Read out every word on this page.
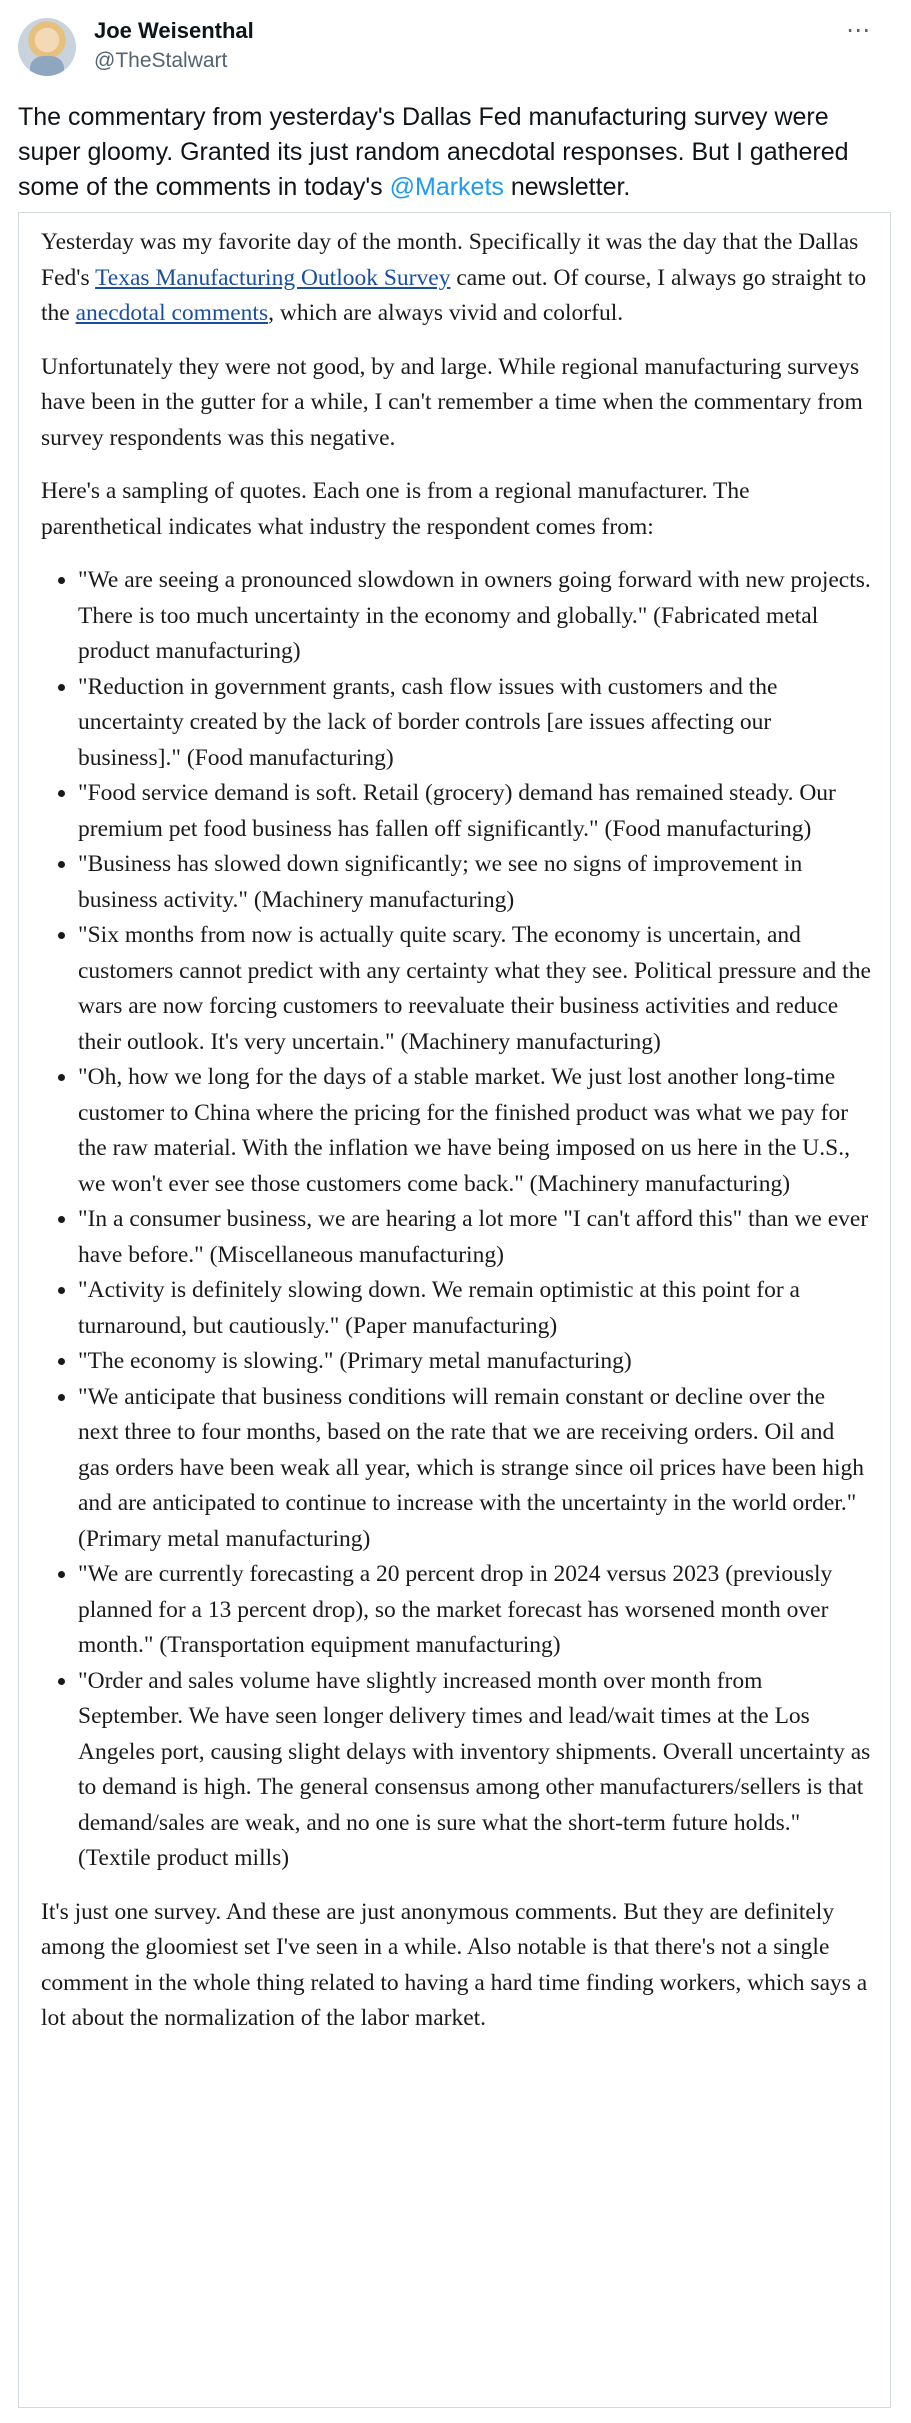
Joe Weisenthal
@TheStalwart
⋯

The commentary from yesterday's Dallas Fed manufacturing survey were super gloomy. Granted its just random anecdotal responses. But I gathered some of the comments in today's @Markets newsletter.

Yesterday was my favorite day of the month. Specifically it was the day that the Dallas Fed's Texas Manufacturing Outlook Survey came out. Of course, I always go straight to the anecdotal comments, which are always vivid and colorful.

Unfortunately they were not good, by and large. While regional manufacturing surveys have been in the gutter for a while, I can't remember a time when the commentary from survey respondents was this negative.

Here's a sampling of quotes. Each one is from a regional manufacturer. The parenthetical indicates what industry the respondent comes from:

• "We are seeing a pronounced slowdown in owners going forward with new projects. There is too much uncertainty in the economy and globally." (Fabricated metal product manufacturing)
• "Reduction in government grants, cash flow issues with customers and the uncertainty created by the lack of border controls [are issues affecting our business]." (Food manufacturing)
• "Food service demand is soft. Retail (grocery) demand has remained steady. Our premium pet food business has fallen off significantly." (Food manufacturing)
• "Business has slowed down significantly; we see no signs of improvement in business activity." (Machinery manufacturing)
• "Six months from now is actually quite scary. The economy is uncertain, and customers cannot predict with any certainty what they see. Political pressure and the wars are now forcing customers to reevaluate their business activities and reduce their outlook. It's very uncertain." (Machinery manufacturing)
• "Oh, how we long for the days of a stable market. We just lost another long-time customer to China where the pricing for the finished product was what we pay for the raw material. With the inflation we have being imposed on us here in the U.S., we won't ever see those customers come back." (Machinery manufacturing)
• "In a consumer business, we are hearing a lot more "I can't afford this" than we ever have before." (Miscellaneous manufacturing)
• "Activity is definitely slowing down. We remain optimistic at this point for a turnaround, but cautiously." (Paper manufacturing)
• "The economy is slowing." (Primary metal manufacturing)
• "We anticipate that business conditions will remain constant or decline over the next three to four months, based on the rate that we are receiving orders. Oil and gas orders have been weak all year, which is strange since oil prices have been high and are anticipated to continue to increase with the uncertainty in the world order." (Primary metal manufacturing)
• "We are currently forecasting a 20 percent drop in 2024 versus 2023 (previously planned for a 13 percent drop), so the market forecast has worsened month over month." (Transportation equipment manufacturing)
• "Order and sales volume have slightly increased month over month from September. We have seen longer delivery times and lead/wait times at the Los Angeles port, causing slight delays with inventory shipments. Overall uncertainty as to demand is high. The general consensus among other manufacturers/sellers is that demand/sales are weak, and no one is sure what the short-term future holds." (Textile product mills)

It's just one survey. And these are just anonymous comments. But they are definitely among the gloomiest set I've seen in a while. Also notable is that there's not a single comment in the whole thing related to having a hard time finding workers, which says a lot about the normalization of the labor market.
